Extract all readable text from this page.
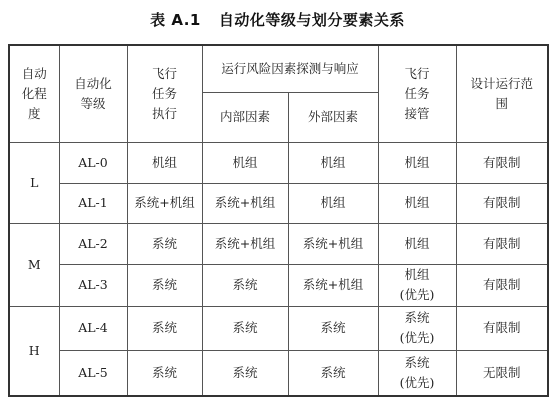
表 A.1 自动化等级与划分要素关系
自动
化程
度	自动化
等级	飞行
任务
执行	运行风险因素探测与响应		飞行
任务
接管	设计运行范
围
			内部因素	外部因素		
L	AL-0	机组	机组	机组	机组	有限制
	AL-1	系统+机组	系统+机组	机组	机组	有限制
M	AL-2	系统	系统+机组	系统+机组	机组	有限制
	AL-3	系统	系统	系统+机组	机组
(优先)	有限制
H	AL-4	系统	系统	系统	系统
(优先)	有限制
	AL-5	系统	系统	系统	系统
(优先)	无限制
